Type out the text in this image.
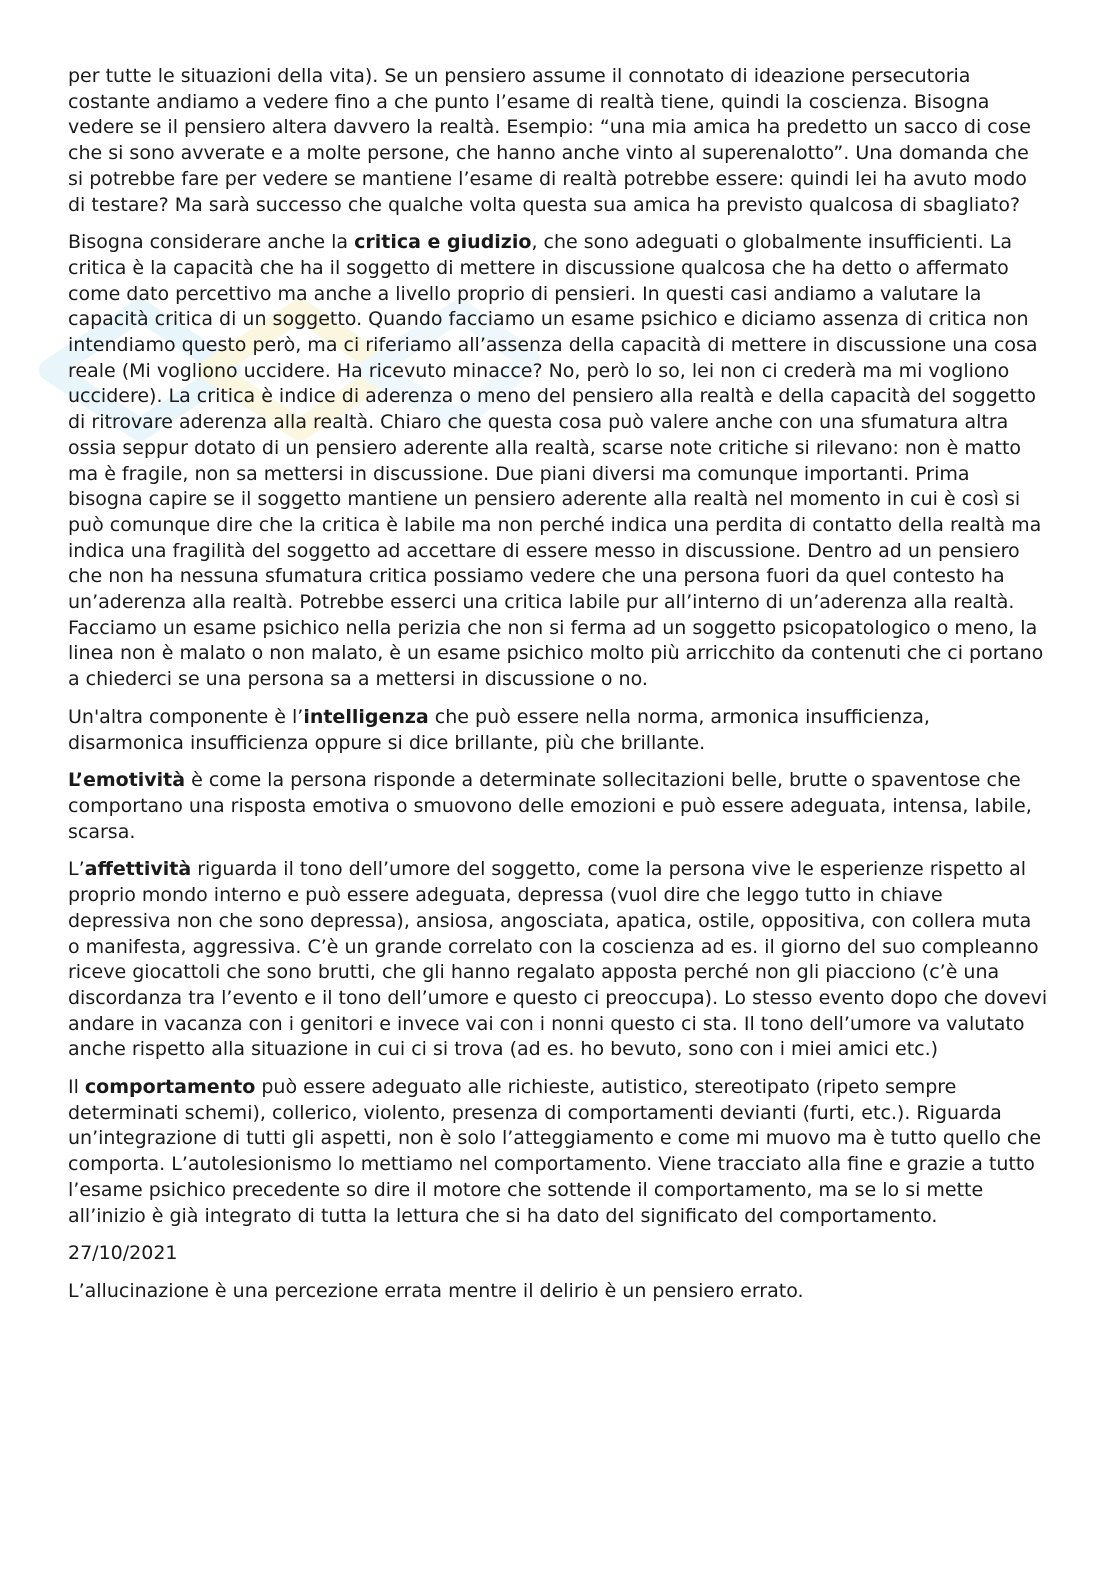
per tutte le situazioni della vita). Se un pensiero assume il connotato di ideazione persecutoria costante andiamo a vedere fino a che punto l’esame di realtà tiene, quindi la coscienza. Bisogna vedere se il pensiero altera davvero la realtà. Esempio: “una mia amica ha predetto un sacco di cose che si sono avverate e a molte persone, che hanno anche vinto al superenalotto”. Una domanda che si potrebbe fare per vedere se mantiene l’esame di realtà potrebbe essere: quindi lei ha avuto modo di testare? Ma sarà successo che qualche volta questa sua amica ha previsto qualcosa di sbagliato?

Bisogna considerare anche la critica e giudizio, che sono adeguati o globalmente insufficienti. La critica è la capacità che ha il soggetto di mettere in discussione qualcosa che ha detto o affermato come dato percettivo ma anche a livello proprio di pensieri. In questi casi andiamo a valutare la capacità critica di un soggetto. Quando facciamo un esame psichico e diciamo assenza di critica non intendiamo questo però, ma ci riferiamo all’assenza della capacità di mettere in discussione una cosa reale (Mi vogliono uccidere. Ha ricevuto minacce? No, però lo so, lei non ci crederà ma mi vogliono uccidere). La critica è indice di aderenza o meno del pensiero alla realtà e della capacità del soggetto di ritrovare aderenza alla realtà. Chiaro che questa cosa può valere anche con una sfumatura altra ossia seppur dotato di un pensiero aderente alla realtà, scarse note critiche si rilevano: non è matto ma è fragile, non sa mettersi in discussione. Due piani diversi ma comunque importanti. Prima bisogna capire se il soggetto mantiene un pensiero aderente alla realtà nel momento in cui è così si può comunque dire che la critica è labile ma non perché indica una perdita di contatto della realtà ma indica una fragilità del soggetto ad accettare di essere messo in discussione. Dentro ad un pensiero che non ha nessuna sfumatura critica possiamo vedere che una persona fuori da quel contesto ha un’aderenza alla realtà. Potrebbe esserci una critica labile pur all’interno di un’aderenza alla realtà. Facciamo un esame psichico nella perizia che non si ferma ad un soggetto psicopatologico o meno, la linea non è malato o non malato, è un esame psichico molto più arricchito da contenuti che ci portano a chiederci se una persona sa a mettersi in discussione o no.

Un'altra componente è l’intelligenza che può essere nella norma, armonica insufficienza, disarmonica insufficienza oppure si dice brillante, più che brillante.

L’emotività è come la persona risponde a determinate sollecitazioni belle, brutte o spaventose che comportano una risposta emotiva o smuovono delle emozioni e può essere adeguata, intensa, labile, scarsa.

L’affettività riguarda il tono dell’umore del soggetto, come la persona vive le esperienze rispetto al proprio mondo interno e può essere adeguata, depressa (vuol dire che leggo tutto in chiave depressiva non che sono depressa), ansiosa, angosciata, apatica, ostile, oppositiva, con collera muta o manifesta, aggressiva. C’è un grande correlato con la coscienza ad es. il giorno del suo compleanno riceve giocattoli che sono brutti, che gli hanno regalato apposta perché non gli piacciono (c’è una discordanza tra l’evento e il tono dell’umore e questo ci preoccupa). Lo stesso evento dopo che dovevi andare in vacanza con i genitori e invece vai con i nonni questo ci sta. Il tono dell’umore va valutato anche rispetto alla situazione in cui ci si trova (ad es. ho bevuto, sono con i miei amici etc.)

Il comportamento può essere adeguato alle richieste, autistico, stereotipato (ripeto sempre determinati schemi), collerico, violento, presenza di comportamenti devianti (furti, etc.). Riguarda un’integrazione di tutti gli aspetti, non è solo l’atteggiamento e come mi muovo ma è tutto quello che comporta. L’autolesionismo lo mettiamo nel comportamento. Viene tracciato alla fine e grazie a tutto l’esame psichico precedente so dire il motore che sottende il comportamento, ma se lo si mette all’inizio è già integrato di tutta la lettura che si ha dato del significato del comportamento.

27/10/2021

L’allucinazione è una percezione errata mentre il delirio è un pensiero errato.
